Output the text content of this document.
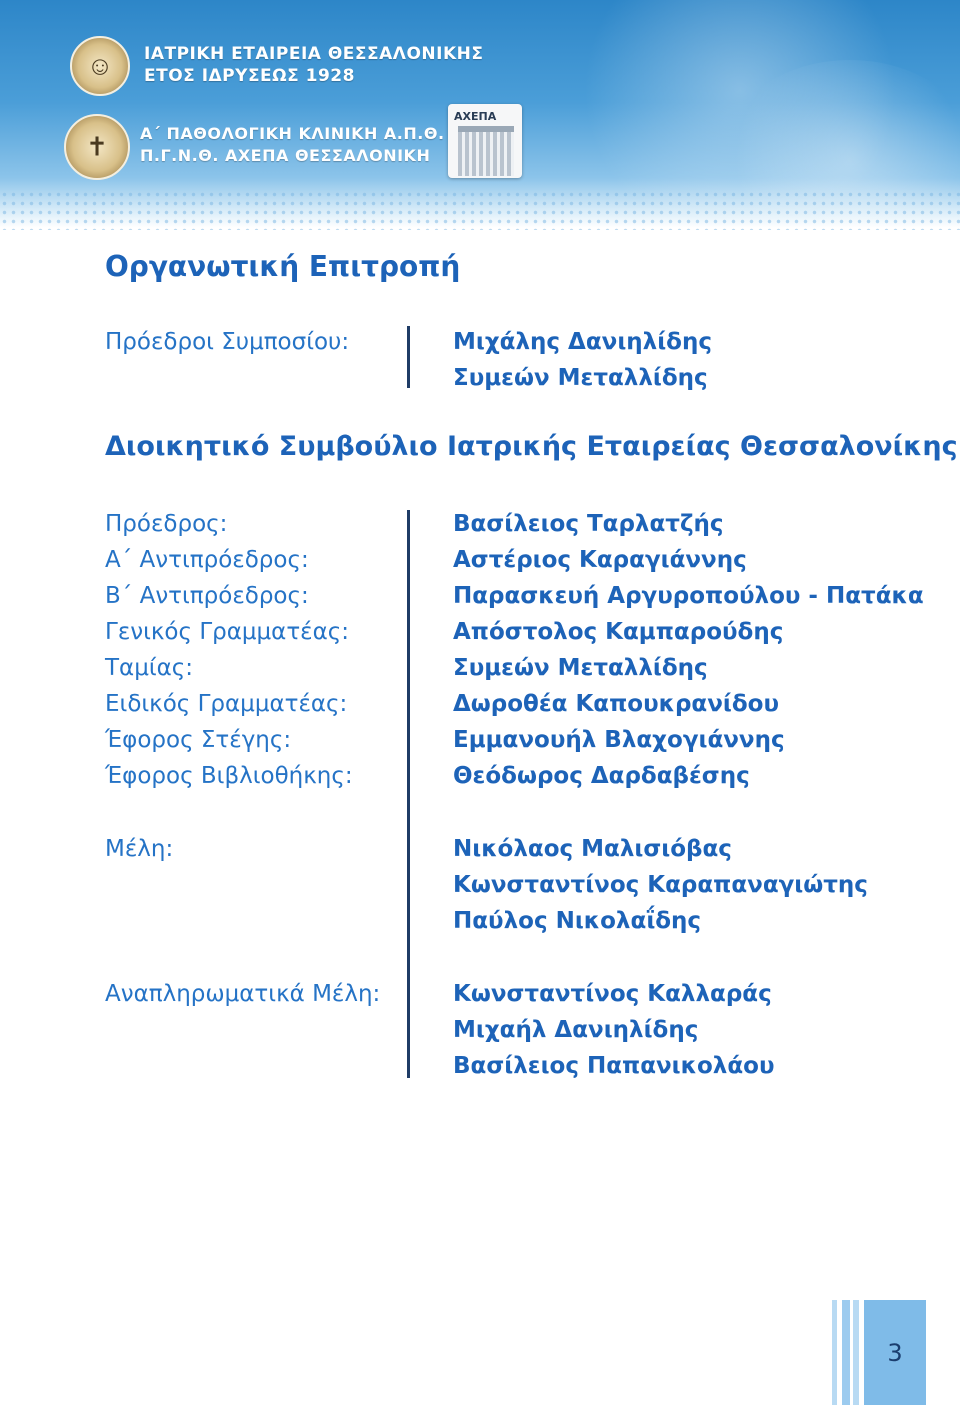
☺ ΙΑΤΡΙΚΗ ΕΤΑΙΡΕΙΑ ΘΕΣΣΑΛΟΝΙΚΗΣ
ΕΤΟΣ ΙΔΡΥΣΕΩΣ 1928
✝ Α΄ ΠΑΘΟΛΟΓΙΚΗ ΚΛΙΝΙΚΗ Α.Π.Θ.
Π.Γ.Ν.Θ. ΑΧΕΠΑ ΘΕΣΣΑΛΟΝΙΚΗ
ΑΧΕΠΑ
Οργανωτική Επιτροπή
Πρόεδροι Συμποσίου:	Μιχάλης Δανιηλίδης
Συμεών Μεταλλίδης
Διοικητικό Συμβούλιο Ιατρικής Εταιρείας Θεσσαλονίκης
Πρόεδρος:	Βασίλειος Ταρλατζής
Α΄ Αντιπρόεδρος:	Αστέριος Καραγιάννης
Β΄ Αντιπρόεδρος:	Παρασκευή Αργυροπούλου - Πατάκα
Γενικός Γραμματέας:	Απόστολος Καμπαρούδης
Ταμίας:	Συμεών Μεταλλίδης
Ειδικός Γραμματέας:	Δωροθέα Καπουκρανίδου
Έφορος Στέγης:	Εμμανουήλ Βλαχογιάννης
Έφορος Βιβλιοθήκης:	Θεόδωρος Δαρδαβέσης
Μέλη:	Νικόλαος Μαλισιόβας
Κωνσταντίνος Καραπαναγιώτης
Παύλος Νικολαΐδης
Αναπληρωματικά Μέλη:	Κωνσταντίνος Καλλαράς
Μιχαήλ Δανιηλίδης
Βασίλειος Παπανικολάου
3
